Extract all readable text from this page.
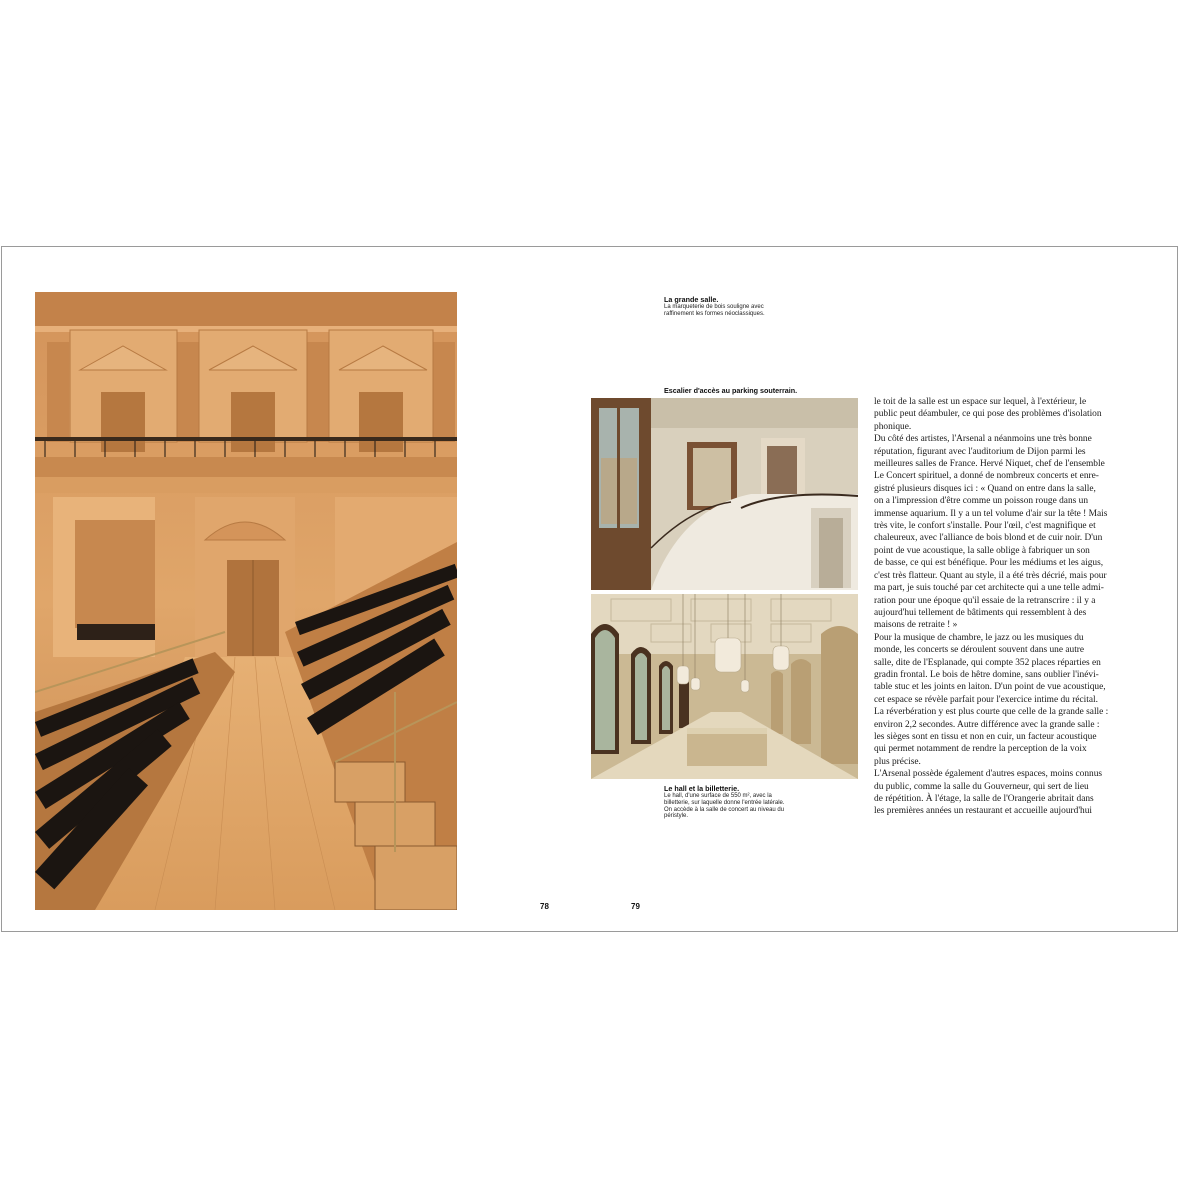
La grande salle.
La marqueterie de bois souligne avec
raffinement les formes néoclassiques.
Escalier d'accès au parking souterrain.
Le hall et la billetterie.
Le hall, d'une surface de 550 m², avec la
billetterie, sur laquelle donne l'entrée latérale.
On accède à la salle de concert au niveau du
péristyle.
le toit de la salle est un espace sur lequel, à l'extérieur, le
public peut déambuler, ce qui pose des problèmes d'isolation
phonique.
Du côté des artistes, l'Arsenal a néanmoins une très bonne
réputation, figurant avec l'auditorium de Dijon parmi les
meilleures salles de France. Hervé Niquet, chef de l'ensemble
Le Concert spirituel, a donné de nombreux concerts et enre-
gistré plusieurs disques ici : « Quand on entre dans la salle,
on a l'impression d'être comme un poisson rouge dans un
immense aquarium. Il y a un tel volume d'air sur la tête ! Mais
très vite, le confort s'installe. Pour l'œil, c'est magnifique et
chaleureux, avec l'alliance de bois blond et de cuir noir. D'un
point de vue acoustique, la salle oblige à fabriquer un son
de basse, ce qui est bénéfique. Pour les médiums et les aigus,
c'est très flatteur. Quant au style, il a été très décrié, mais pour
ma part, je suis touché par cet architecte qui a une telle admi-
ration pour une époque qu'il essaie de la retranscrire : il y a
aujourd'hui tellement de bâtiments qui ressemblent à des
maisons de retraite ! »
Pour la musique de chambre, le jazz ou les musiques du
monde, les concerts se déroulent souvent dans une autre
salle, dite de l'Esplanade, qui compte 352 places réparties en
gradin frontal. Le bois de hêtre domine, sans oublier l'inévi-
table stuc et les joints en laiton. D'un point de vue acoustique,
cet espace se révèle parfait pour l'exercice intime du récital.
La réverbération y est plus courte que celle de la grande salle :
environ 2,2 secondes. Autre différence avec la grande salle :
les sièges sont en tissu et non en cuir, un facteur acoustique
qui permet notamment de rendre la perception de la voix
plus précise.
L'Arsenal possède également d'autres espaces, moins connus
du public, comme la salle du Gouverneur, qui sert de lieu
de répétition. À l'étage, la salle de l'Orangerie abritait dans
les premières années un restaurant et accueille aujourd'hui
78	79
